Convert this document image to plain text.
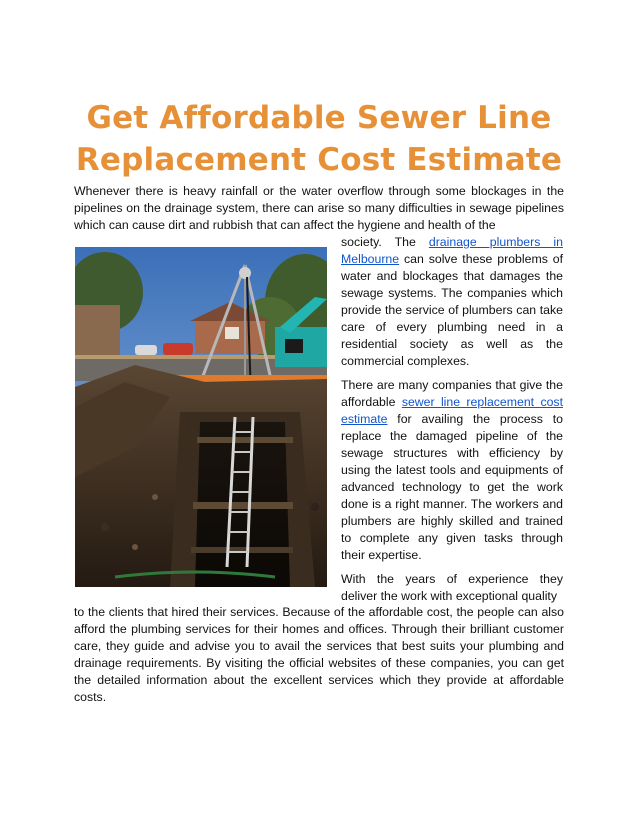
Get Affordable Sewer Line
Replacement Cost Estimate

Whenever there is heavy rainfall or the water overflow through some blockages in the pipelines on the drainage system, there can arise so many difficulties in sewage pipelines which can cause dirt and rubbish that can affect the hygiene and health of the

society. The drainage plumbers in Melbourne can solve these problems of water and blockages that damages the sewage systems. The companies which provide the service of plumbers can take care of every plumbing need in a residential society as well as the commercial complexes.

There are many companies that give the affordable sewer line replacement cost estimate for availing the process to replace the damaged pipeline of the sewage structures with efficiency by using the latest tools and equipments of advanced technology to get the work done is a right manner. The workers and plumbers are highly skilled and trained to complete any given tasks through their expertise.

With the years of experience they deliver the work with exceptional quality

to the clients that hired their services. Because of the affordable cost, the people can also afford the plumbing services for their homes and offices. Through their brilliant customer care, they guide and advise you to avail the services that best suits your plumbing and drainage requirements. By visiting the official websites of these companies, you can get the detailed information about the excellent services which they provide at affordable costs.
